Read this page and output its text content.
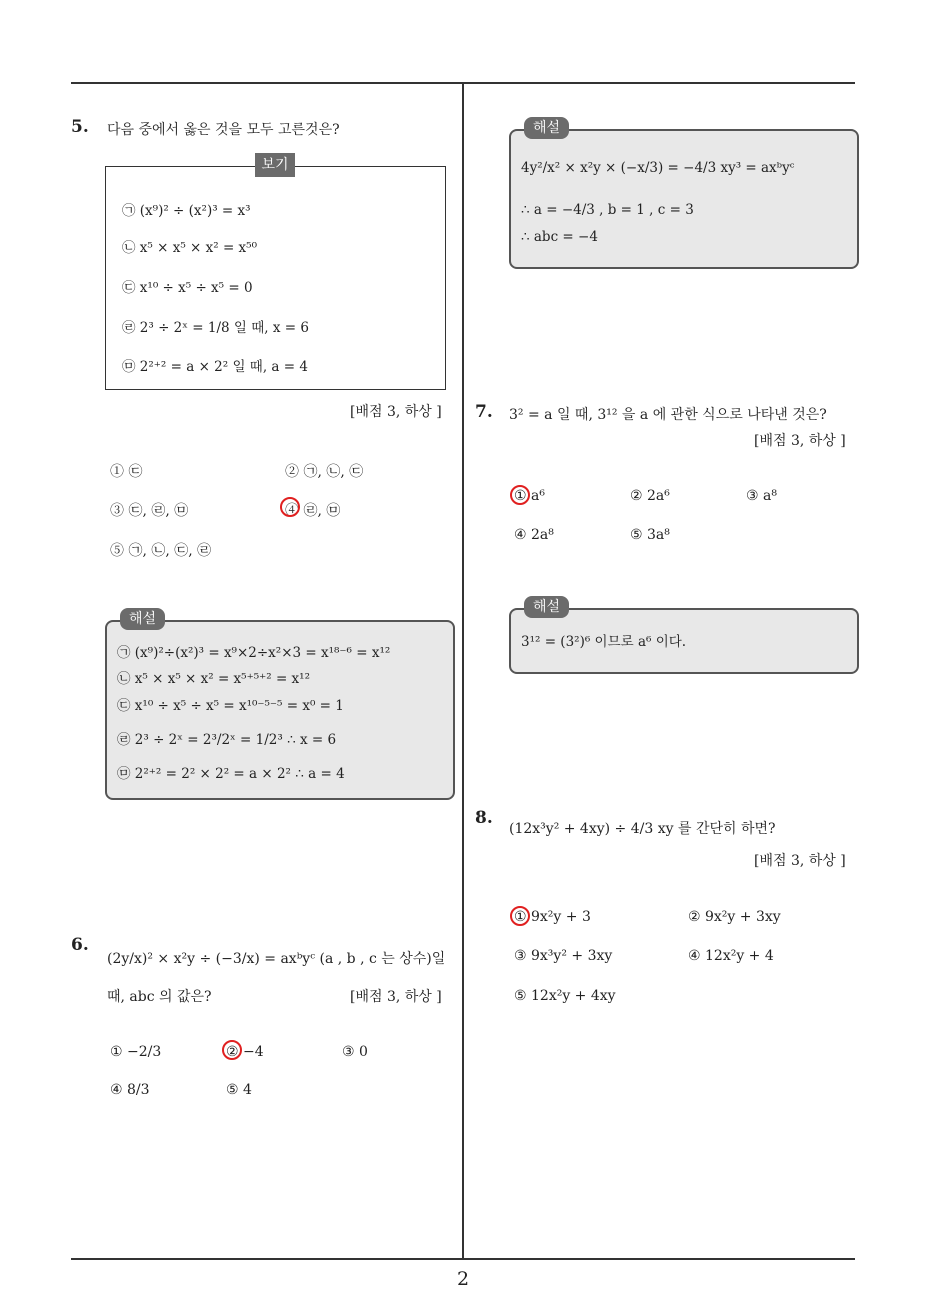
2
5. 다음 중에서 옳은 것을 모두 고른것은?
보기
㉠ (x⁹)² ÷ (x²)³ = x³
㉡ x⁵ × x⁵ × x² = x⁵⁰
㉢ x¹⁰ ÷ x⁵ ÷ x⁵ = 0
㉣ 2³ ÷ 2ˣ = 1/8 일 때, x = 6
㉤ 2²⁺² = a × 2² 일 때, a = 4
[배점 3, 하상 ]
① ㉢	② ㉠, ㉡, ㉢
③ ㉢, ㉣, ㉤	④ ㉣, ㉤
⑤ ㉠, ㉡, ㉢, ㉣
해설
㉠ (x⁹)²÷(x²)³ = x⁹×2÷x²×3 = x¹⁸⁻⁶ = x¹²
㉡ x⁵ × x⁵ × x² = x⁵⁺⁵⁺² = x¹²
㉢ x¹⁰ ÷ x⁵ ÷ x⁵ = x¹⁰⁻⁵⁻⁵ = x⁰ = 1
㉣ 2³ ÷ 2ˣ = 2³/2ˣ = 1/2³ ∴ x = 6
㉤ 2²⁺² = 2² × 2² = a × 2² ∴ a = 4
6.
(2y/x)² × x²y ÷ (−3/x) = axᵇyᶜ (a , b , c 는 상수)일
때, abc 의 값은?	[배점 3, 하상 ]
① −2/3	② −4	③ 0
④ 8/3	⑤ 4
해설
4y²/x² × x²y × (−x/3) = −4/3 xy³ = axᵇyᶜ
∴ a = −4/3 , b = 1 , c = 3
∴ abc = −4
7. 3² = a 일 때, 3¹² 을 a 에 관한 식으로 나타낸 것은?
[배점 3, 하상 ]
① a⁶	② 2a⁶	③ a⁸
④ 2a⁸	⑤ 3a⁸
해설
3¹² = (3²)⁶ 이므로 a⁶ 이다.
8.
(12x³y² + 4xy) ÷ 4/3 xy 를 간단히 하면?
[배점 3, 하상 ]
① 9x²y + 3	② 9x²y + 3xy
③ 9x³y² + 3xy	④ 12x²y + 4
⑤ 12x²y + 4xy
